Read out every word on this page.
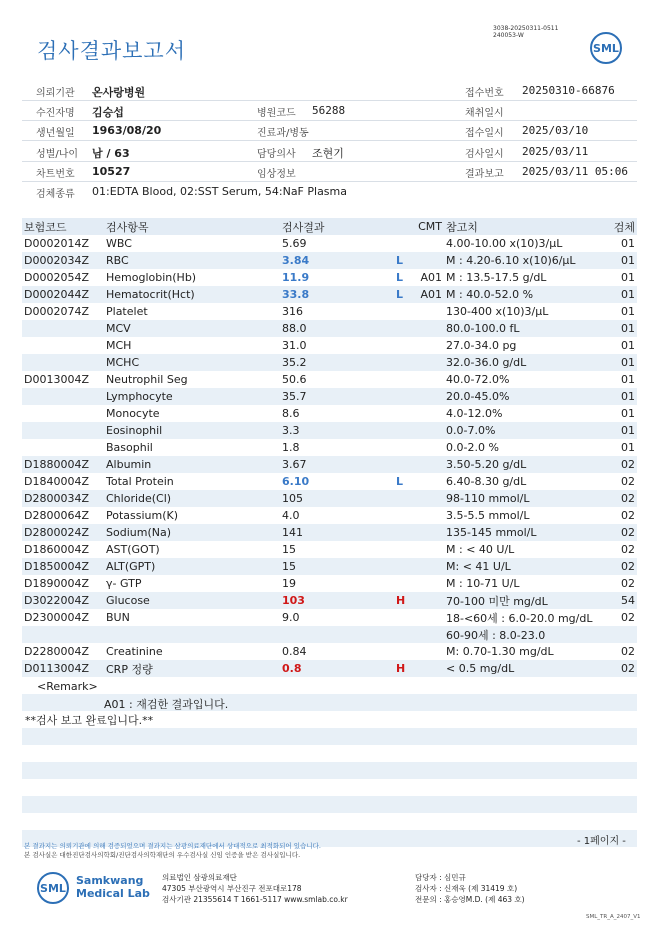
검사결과보고서
3038-20250311-0511
240053-W
SML
의뢰기관 온사랑병원	접수번호 20250310-66876
수진자명 김승섭	병원코드 56288	채취일시
생년월일 1963/08/20	진료과/병동	접수일시 2025/03/10
성별/나이 남 / 63	담당의사 조현기	검사일시 2025/03/11
차트번호 10527	임상정보	결과보고 2025/03/11 05:06
검체종류 01:EDTA Blood, 02:SST Serum, 54:NaF Plasma
보험코드	검사항목	검사결과		CMT	참고치	검체
D0002014Z	WBC	5.69			4.00-10.00 x(10)3/μL	01
D0002034Z	RBC	3.84	L		M : 4.20-6.10 x(10)6/μL	01
D0002054Z	Hemoglobin(Hb)	11.9	L	A01	M : 13.5-17.5 g/dL	01
D0002044Z	Hematocrit(Hct)	33.8	L	A01	M : 40.0-52.0 %	01
D0002074Z	Platelet	316			130-400 x(10)3/μL	01
	MCV	88.0			80.0-100.0 fL	01
	MCH	31.0			27.0-34.0 pg	01
	MCHC	35.2			32.0-36.0 g/dL	01
D0013004Z	Neutrophil Seg	50.6			40.0-72.0%	01
	Lymphocyte	35.7			20.0-45.0%	01
	Monocyte	8.6			4.0-12.0%	01
	Eosinophil	3.3			0.0-7.0%	01
	Basophil	1.8			0.0-2.0 %	01
D1880004Z	Albumin	3.67			3.50-5.20 g/dL	02
D1840004Z	Total Protein	6.10	L		6.40-8.30 g/dL	02
D2800034Z	Chloride(Cl)	105			98-110 mmol/L	02
D2800064Z	Potassium(K)	4.0			3.5-5.5 mmol/L	02
D2800024Z	Sodium(Na)	141			135-145 mmol/L	02
D1860004Z	AST(GOT)	15			M : < 40 U/L	02
D1850004Z	ALT(GPT)	15			M: < 41 U/L	02
D1890004Z	γ- GTP	19			M : 10-71 U/L	02
D3022004Z	Glucose	103	H		70-100 미만 mg/dL	54
D2300004Z	BUN	9.0			18-<60세 : 6.0-20.0 mg/dL	02
					60-90세 : 8.0-23.0	
D2280004Z	Creatinine	0.84			M: 0.70-1.30 mg/dL	02
D0113004Z	CRP 정량	0.8	H		< 0.5 mg/dL	02
<Remark>
A01 : 재검한 결과입니다.
**검사 보고 완료입니다.**
- 1페이지 -
본 결과지는 의뢰기관에 의해 검증되었으며 결과지는 삼광의료재단에서 상대적으로 최적화되어 있습니다.
본 검사실은 대한진단검사의학회/진단검사의학재단의 우수검사실 신임 인증을 받은 검사실입니다.
SML
Samkwang
Medical Lab
의료법인 삼광의료재단
47305 부산광역시 부산진구 전포대로178
검사기관 21355614 T 1661-5117 www.smlab.co.kr
담당자 : 심민규
검사자 : 신재욱 (제 31419 호)
전문의 : 홍승영M.D. (제 463 호)
SML_TR_A_2407_V1
